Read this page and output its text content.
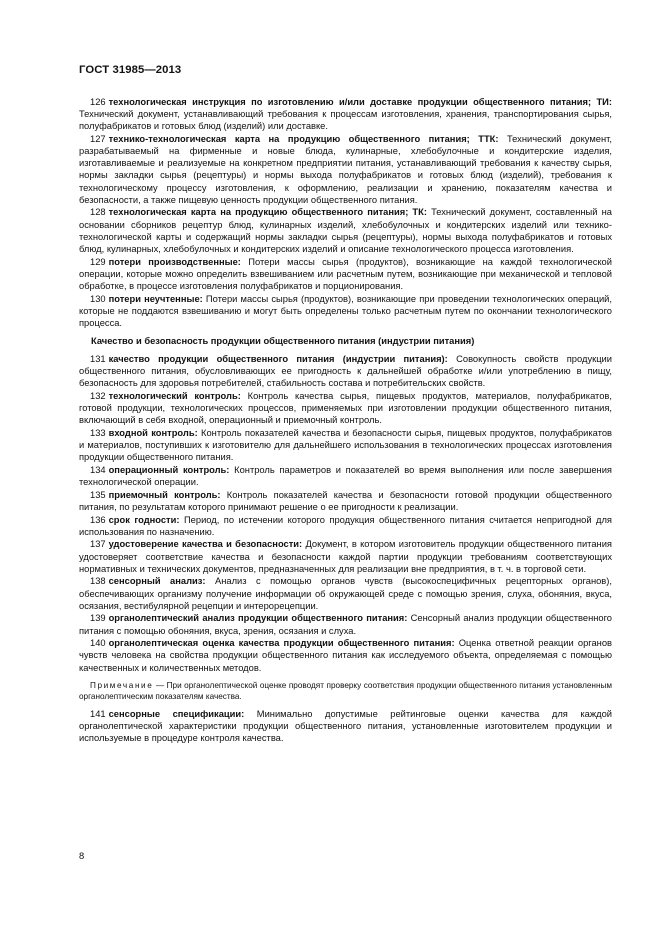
ГОСТ 31985—2013
126 технологическая инструкция по изготовлению и/или доставке продукции общественного питания; ТИ: Технический документ, устанавливающий требования к процессам изготовления, хранения, транспортирования сырья, полуфабрикатов и готовых блюд (изделий) или доставке.
127 технико-технологическая карта на продукцию общественного питания; ТТК: Технический документ, разрабатываемый на фирменные и новые блюда, кулинарные, хлебобулочные и кондитерские изделия, изготавливаемые и реализуемые на конкретном предприятии питания, устанавливающий требования к качеству сырья, нормы закладки сырья (рецептуры) и нормы выхода полуфабрикатов и готовых блюд (изделий), требования к технологическому процессу изготовления, к оформлению, реализации и хранению, показателям качества и безопасности, а также пищевую ценность продукции общественного питания.
128 технологическая карта на продукцию общественного питания; ТК: Технический документ, составленный на основании сборников рецептур блюд, кулинарных изделий, хлебобулочных и кондитерских изделий или технико-технологической карты и содержащий нормы закладки сырья (рецептуры), нормы выхода полуфабрикатов и готовых блюд, кулинарных, хлебобулочных и кондитерских изделий и описание технологического процесса изготовления.
129 потери производственные: Потери массы сырья (продуктов), возникающие на каждой технологической операции, которые можно определить взвешиванием или расчетным путем, возникающие при механической и тепловой обработке, в процессе изготовления полуфабрикатов и порционирования.
130 потери неучтенные: Потери массы сырья (продуктов), возникающие при проведении технологических операций, которые не поддаются взвешиванию и могут быть определены только расчетным путем по окончании технологического процесса.
Качество и безопасность продукции общественного питания (индустрии питания)
131 качество продукции общественного питания (индустрии питания): Совокупность свойств продукции общественного питания, обусловливающих ее пригодность к дальнейшей обработке и/или употреблению в пищу, безопасность для здоровья потребителей, стабильность состава и потребительских свойств.
132 технологический контроль: Контроль качества сырья, пищевых продуктов, материалов, полуфабрикатов, готовой продукции, технологических процессов, применяемых при изготовлении продукции общественного питания, включающий в себя входной, операционный и приемочный контроль.
133 входной контроль: Контроль показателей качества и безопасности сырья, пищевых продуктов, полуфабрикатов и материалов, поступивших к изготовителю для дальнейшего использования в технологических процессах изготовления продукции общественного питания.
134 операционный контроль: Контроль параметров и показателей во время выполнения или после завершения технологической операции.
135 приемочный контроль: Контроль показателей качества и безопасности готовой продукции общественного питания, по результатам которого принимают решение о ее пригодности к реализации.
136 срок годности: Период, по истечении которого продукция общественного питания считается непригодной для использования по назначению.
137 удостоверение качества и безопасности: Документ, в котором изготовитель продукции общественного питания удостоверяет соответствие качества и безопасности каждой партии продукции требованиям соответствующих нормативных и технических документов, предназначенных для реализации вне предприятия, в т. ч. в торговой сети.
138 сенсорный анализ: Анализ с помощью органов чувств (высокоспецифичных рецепторных органов), обеспечивающих организму получение информации об окружающей среде с помощью зрения, слуха, обоняния, вкуса, осязания, вестибулярной рецепции и интерорецепции.
139 органолептический анализ продукции общественного питания: Сенсорный анализ продукции общественного питания с помощью обоняния, вкуса, зрения, осязания и слуха.
140 органолептическая оценка качества продукции общественного питания: Оценка ответной реакции органов чувств человека на свойства продукции общественного питания как исследуемого объекта, определяемая с помощью качественных и количественных методов.
Примечание — При органолептической оценке проводят проверку соответствия продукции общественного питания установленным органолептическим показателям качества.
141 сенсорные спецификации: Минимально допустимые рейтинговые оценки качества для каждой органолептической характеристики продукции общественного питания, установленные изготовителем продукции и используемые в процедуре контроля качества.
8
